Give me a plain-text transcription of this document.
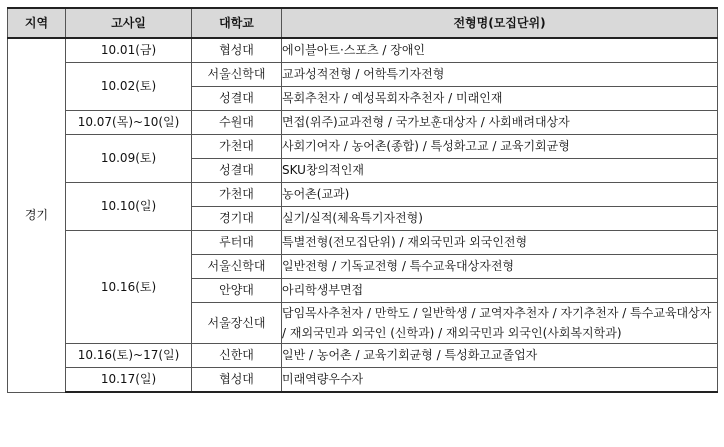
지역	고사일	대학교	전형명(모집단위)
경기	10.01(금)	협성대	에이블아트·스포츠 / 장애인
	10.02(토)	서울신학대	교과성적전형 / 어학특기자전형
		성결대	목회추천자 / 예성목회자추천자 / 미래인재
	10.07(목)~10(일)	수원대	면접(위주)교과전형 / 국가보훈대상자 / 사회배려대상자
	10.09(토)	가천대	사회기여자 / 농어촌(종합) / 특성화고교 / 교육기회균형
		성결대	SKU창의적인재
	10.10(일)	가천대	농어촌(교과)
		경기대	실기/실적(체육특기자전형)
	10.16(토)	루터대	특별전형(전모집단위) / 재외국민과 외국인전형
		서울신학대	일반전형 / 기독교전형 / 특수교육대상자전형
		안양대	아리학생부면접
		서울장신대	담임목사추천자 / 만학도 / 일반학생 / 교역자추천자 / 자기추천자 / 특수교육대상자 / 재외국민과 외국인 (신학과) / 재외국민과 외국인(사회복지학과)
	10.16(토)~17(일)	신한대	일반 / 농어촌 / 교육기회균형 / 특성화고교졸업자
	10.17(일)	협성대	미래역량우수자
